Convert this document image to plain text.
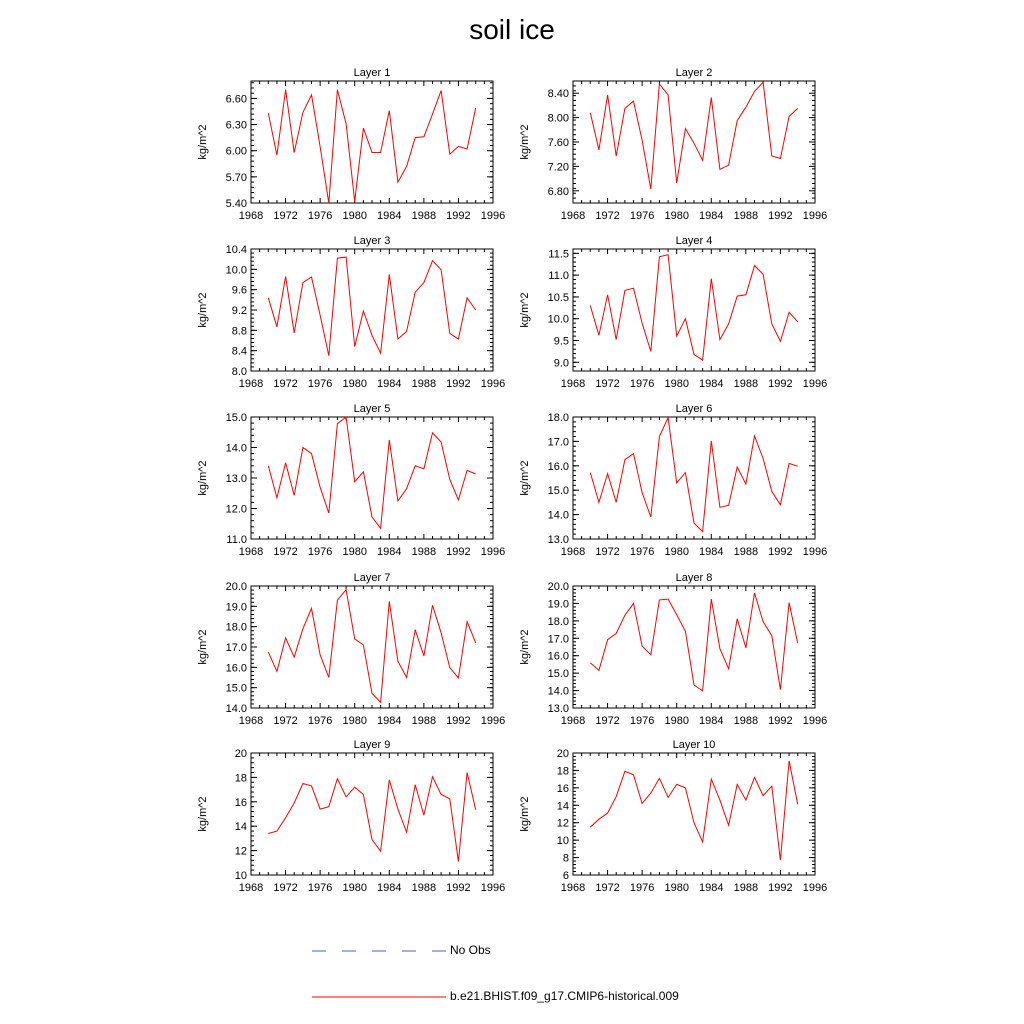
soil ice
Layer 1
1968 1972 1976 1980 1984 1988 1992 1996
5.40
5.70
6.00
6.30
6.60
kg/m^2
Layer 2
1968 1972 1976 1980 1984 1988 1992 1996
6.80
7.20
7.60
8.00
8.40
kg/m^2
Layer 3
1968 1972 1976 1980 1984 1988 1992 1996
8.0
8.4
8.8
9.2
9.6
10.0
10.4
kg/m^2
Layer 4
1968 1972 1976 1980 1984 1988 1992 1996
9.0
9.5
10.0
10.5
11.0
11.5
kg/m^2
Layer 5
1968 1972 1976 1980 1984 1988 1992 1996
11.0
12.0
13.0
14.0
15.0
kg/m^2
Layer 6
1968 1972 1976 1980 1984 1988 1992 1996
13.0
14.0
15.0
16.0
17.0
18.0
kg/m^2
Layer 7
1968 1972 1976 1980 1984 1988 1992 1996
14.0
15.0
16.0
17.0
18.0
19.0
20.0
kg/m^2
Layer 8
1968 1972 1976 1980 1984 1988 1992 1996
13.0
14.0
15.0
16.0
17.0
18.0
19.0
20.0
kg/m^2
Layer 9
1968 1972 1976 1980 1984 1988 1992 1996
10
12
14
16
18
20
kg/m^2
Layer 10
1968 1972 1976 1980 1984 1988 1992 1996
6
8
10
12
14
16
18
20
kg/m^2
No Obs
b.e21.BHIST.f09_g17.CMIP6-historical.009
